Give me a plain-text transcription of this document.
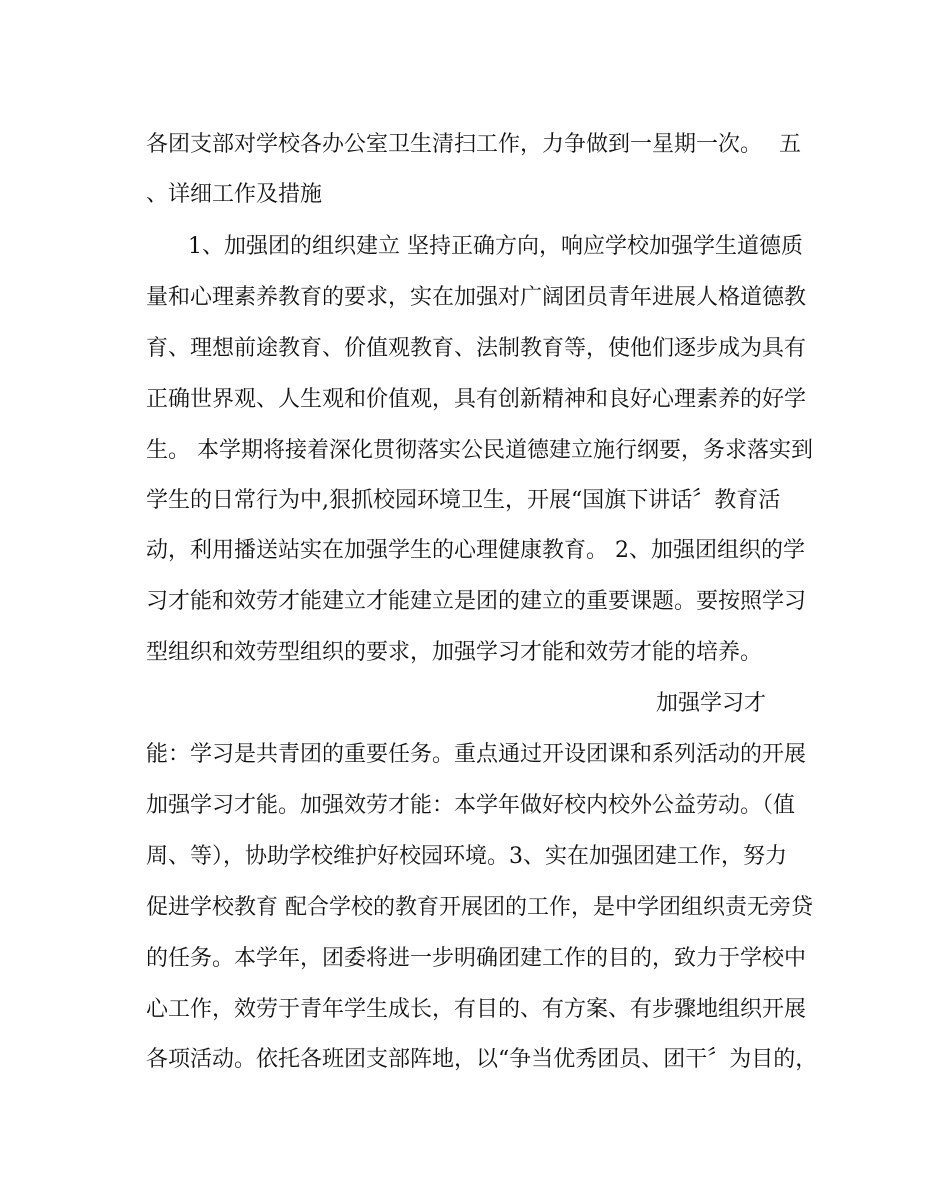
各团支部对学校各办公室卫生清扫工作，力争做到一星期一次。 五
、详细工作及措施
1、加强团的组织建立 坚持正确方向，响应学校加强学生道德质
量和心理素养教育的要求，实在加强对广阔团员青年进展人格道德教
育、理想前途教育、价值观教育、法制教育等，使他们逐步成为具有
正确世界观、人生观和价值观，具有创新精神和良好心理素养的好学
生。 本学期将接着深化贯彻落实公民道德建立施行纲要，务求落实到
学生的日常行为中,狠抓校园环境卫生，开展“国旗下讲话〞教育活
动，利用播送站实在加强学生的心理健康教育。 2、加强团组织的学
习才能和效劳才能建立才能建立是团的建立的重要课题。要按照学习
型组织和效劳型组织的要求，加强学习才能和效劳才能的培养。
加强学习才
能：学习是共青团的重要任务。重点通过开设团课和系列活动的开展
加强学习才能。加强效劳才能：本学年做好校内校外公益劳动。（值
周、等），协助学校维护好校园环境。3、实在加强团建工作，努力
促进学校教育 配合学校的教育开展团的工作，是中学团组织责无旁贷
的任务。本学年，团委将进一步明确团建工作的目的，致力于学校中
心工作，效劳于青年学生成长，有目的、有方案、有步骤地组织开展
各项活动。依托各班团支部阵地，以“争当优秀团员、团干〞为目的，
